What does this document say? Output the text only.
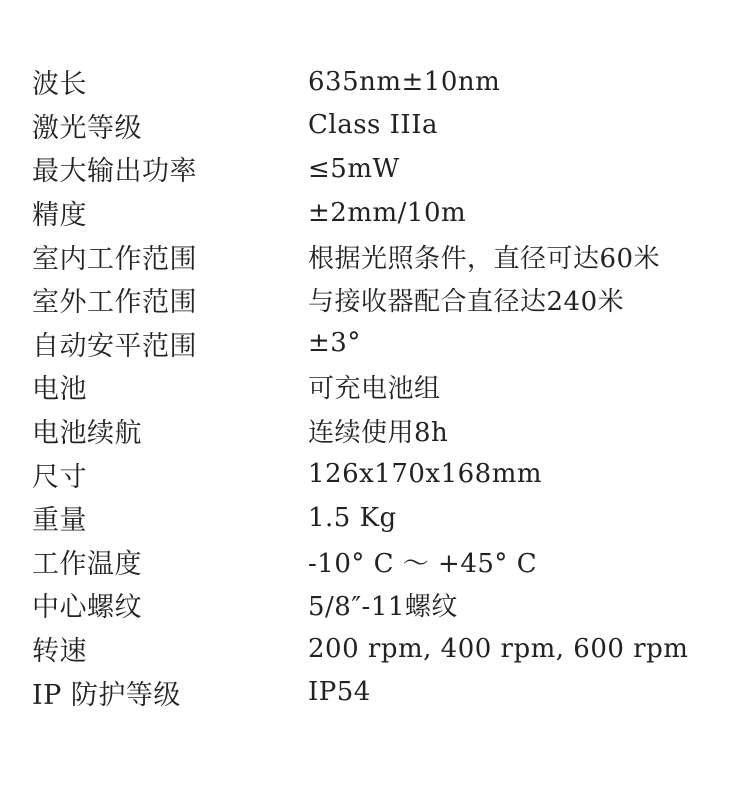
波长	635nm±10nm
激光等级	Class IIIa
最大输出功率	≤5mW
精度	±2mm/10m
室内工作范围	根据光照条件，直径可达60米
室外工作范围	与接收器配合直径达240米
自动安平范围	±3°
电池	可充电池组
电池续航	连续使用8h
尺寸	126x170x168mm
重量	1.5 Kg
工作温度	-10° C ～ +45° C
中心螺纹	5/8″-11螺纹
转速	200 rpm, 400 rpm, 600 rpm
IP 防护等级	IP54
